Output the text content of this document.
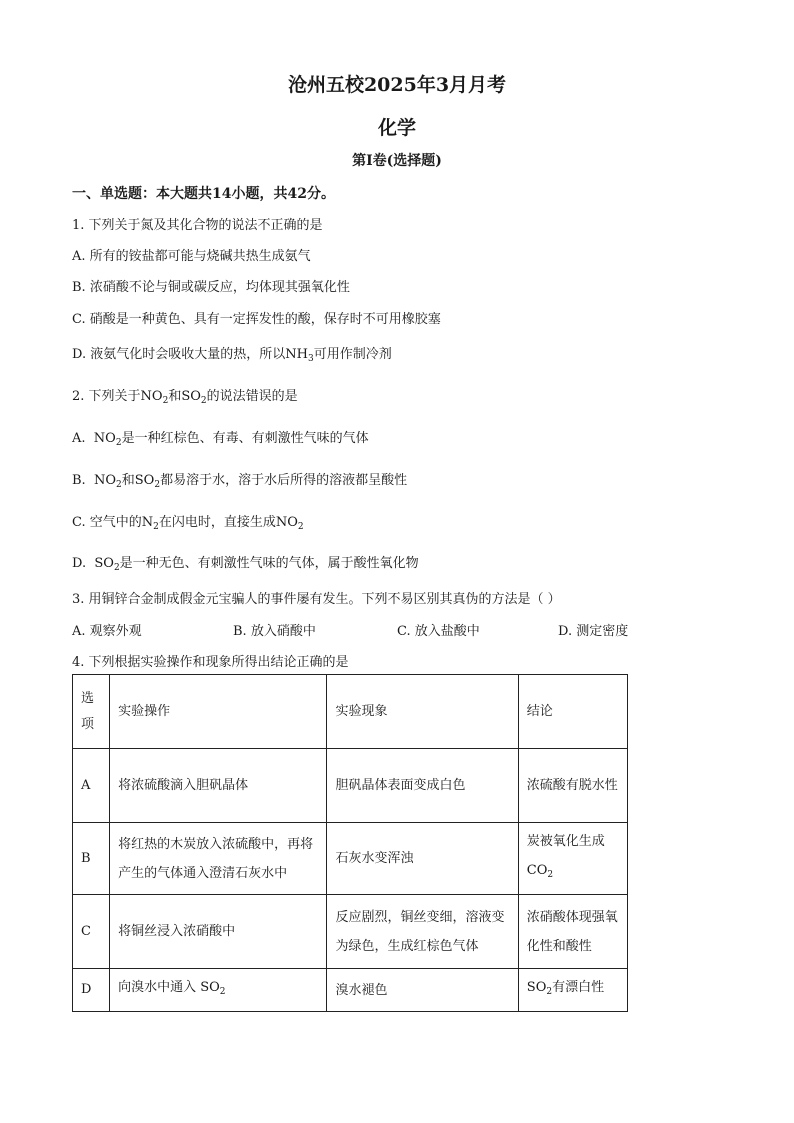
沧州五校2025年3月月考
化学
第I卷(选择题)
一、单选题：本大题共14小题，共42分。
1. 下列关于氮及其化合物的说法不正确的是
A. 所有的铵盐都可能与烧碱共热生成氨气
B. 浓硝酸不论与铜或碳反应，均体现其强氧化性
C. 硝酸是一种黄色、具有一定挥发性的酸，保存时不可用橡胶塞
D. 液氨气化时会吸收大量的热，所以$NH_3$可用作制冷剂
2. 下列关于$NO_2$和$SO_2$的说法错误的是
A. $NO_2$是一种红棕色、有毒、有刺激性气味的气体
B. $NO_2$和$SO_2$都易溶于水，溶于水后所得的溶液都呈酸性
C. 空气中的$N_2$在闪电时，直接生成$NO_2$
D. $SO_2$是一种无色、有刺激性气味的气体，属于酸性氧化物
3. 用铜锌合金制成假金元宝骗人的事件屡有发生。下列不易区别其真伪的方法是（ ）
A. 观察外观	B. 放入硝酸中	C. 放入盐酸中	D. 测定密度
4. 下列根据实验操作和现象所得出结论正确的是
选项	实验操作	实验现象	结论
A	将浓硫酸滴入胆矾晶体	胆矾晶体表面变成白色	浓硫酸有脱水性
B	将红热的木炭放入浓硫酸中，再将产生的气体通入澄清石灰水中	石灰水变浑浊	炭被氧化生成$CO_2$
C	将铜丝浸入浓硝酸中	反应剧烈，铜丝变细，溶液变为绿色，生成红棕色气体	浓硝酸体现强氧化性和酸性
D	向溴水中通入 $SO_2$	溴水褪色	$SO_2$有漂白性
